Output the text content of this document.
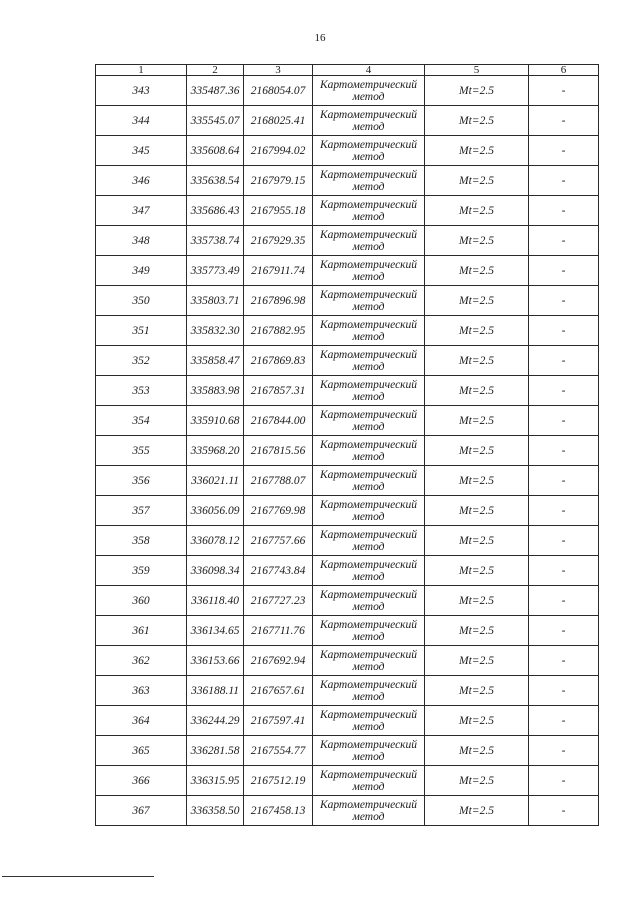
16
1	2	3	4	5	6
343	335487.36	2168054.07	Картометрический
метод	Mt=2.5	-
344	335545.07	2168025.41	Картометрический
метод	Mt=2.5	-
345	335608.64	2167994.02	Картометрический
метод	Mt=2.5	-
346	335638.54	2167979.15	Картометрический
метод	Mt=2.5	-
347	335686.43	2167955.18	Картометрический
метод	Mt=2.5	-
348	335738.74	2167929.35	Картометрический
метод	Mt=2.5	-
349	335773.49	2167911.74	Картометрический
метод	Mt=2.5	-
350	335803.71	2167896.98	Картометрический
метод	Mt=2.5	-
351	335832.30	2167882.95	Картометрический
метод	Mt=2.5	-
352	335858.47	2167869.83	Картометрический
метод	Mt=2.5	-
353	335883.98	2167857.31	Картометрический
метод	Mt=2.5	-
354	335910.68	2167844.00	Картометрический
метод	Mt=2.5	-
355	335968.20	2167815.56	Картометрический
метод	Mt=2.5	-
356	336021.11	2167788.07	Картометрический
метод	Mt=2.5	-
357	336056.09	2167769.98	Картометрический
метод	Mt=2.5	-
358	336078.12	2167757.66	Картометрический
метод	Mt=2.5	-
359	336098.34	2167743.84	Картометрический
метод	Mt=2.5	-
360	336118.40	2167727.23	Картометрический
метод	Mt=2.5	-
361	336134.65	2167711.76	Картометрический
метод	Mt=2.5	-
362	336153.66	2167692.94	Картометрический
метод	Mt=2.5	-
363	336188.11	2167657.61	Картометрический
метод	Mt=2.5	-
364	336244.29	2167597.41	Картометрический
метод	Mt=2.5	-
365	336281.58	2167554.77	Картометрический
метод	Mt=2.5	-
366	336315.95	2167512.19	Картометрический
метод	Mt=2.5	-
367	336358.50	2167458.13	Картометрический
метод	Mt=2.5	-
